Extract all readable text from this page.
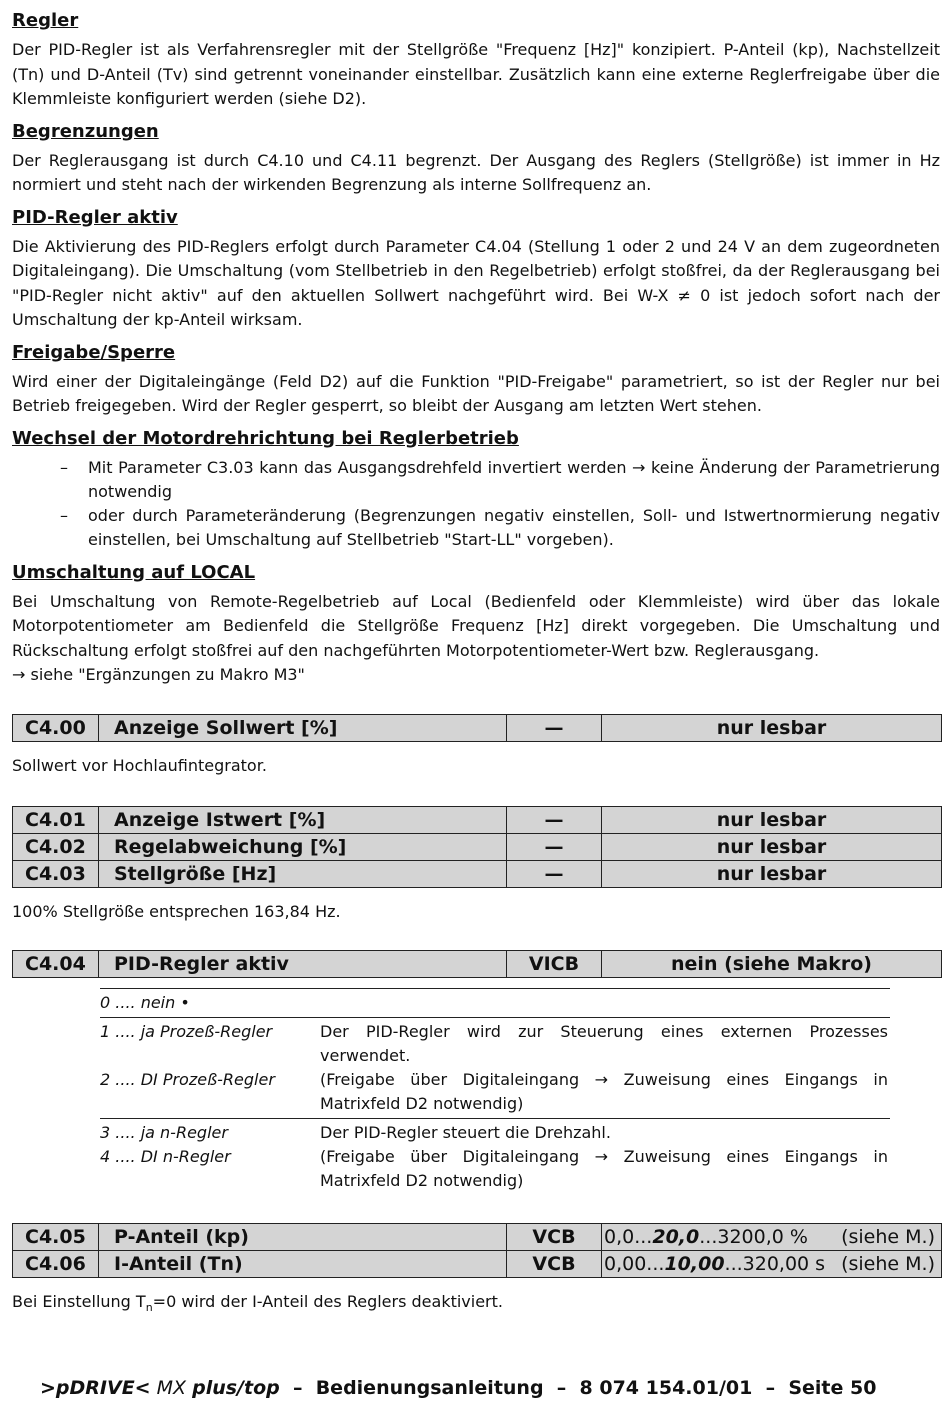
Regler
Der PID-Regler ist als Verfahrensregler mit der Stellgröße "Frequenz [Hz]" konzipiert. P-Anteil (kp), Nachstellzeit (Tn) und D-Anteil (Tv) sind getrennt voneinander einstellbar. Zusätzlich kann eine externe Reglerfreigabe über die Klemmleiste konfiguriert werden (siehe D2).
Begrenzungen
Der Reglerausgang ist durch C4.10 und C4.11 begrenzt. Der Ausgang des Reglers (Stellgröße) ist immer in Hz normiert und steht nach der wirkenden Begrenzung als interne Sollfrequenz an.
PID-Regler aktiv
Die Aktivierung des PID-Reglers erfolgt durch Parameter C4.04 (Stellung 1 oder 2 und 24 V an dem zugeordneten Digitaleingang). Die Umschaltung (vom Stellbetrieb in den Regelbetrieb) erfolgt stoßfrei, da der Reglerausgang bei "PID-Regler nicht aktiv" auf den aktuellen Sollwert nachgeführt wird. Bei W-X ≠ 0 ist jedoch sofort nach der Umschaltung der kp-Anteil wirksam.
Freigabe/Sperre
Wird einer der Digitaleingänge (Feld D2) auf die Funktion "PID-Freigabe" parametriert, so ist der Regler nur bei Betrieb freigegeben. Wird der Regler gesperrt, so bleibt der Ausgang am letzten Wert stehen.
Wechsel der Motordrehrichtung bei Reglerbetrieb
– Mit Parameter C3.03 kann das Ausgangsdrehfeld invertiert werden → keine Änderung der Parametrierung notwendig
– oder durch Parameteränderung (Begrenzungen negativ einstellen, Soll- und Istwertnormierung negativ einstellen, bei Umschaltung auf Stellbetrieb "Start-LL" vorgeben).
Umschaltung auf LOCAL
Bei Umschaltung von Remote-Regelbetrieb auf Local (Bedienfeld oder Klemmleiste) wird über das lokale Motorpotentiometer am Bedienfeld die Stellgröße Frequenz [Hz] direkt vorgegeben. Die Umschaltung und Rückschaltung erfolgt stoßfrei auf den nachgeführten Motorpotentiometer-Wert bzw. Reglerausgang.
→ siehe "Ergänzungen zu Makro M3"
C4.00	Anzeige Sollwert [%]	—	nur lesbar
Sollwert vor Hochlaufintegrator.
C4.01	Anzeige Istwert [%]	—	nur lesbar
C4.02	Regelabweichung [%]	—	nur lesbar
C4.03	Stellgröße [Hz]	—	nur lesbar
100% Stellgröße entsprechen 163,84 Hz.
C4.04	PID-Regler aktiv	VICB	nein (siehe Makro)
0 .... nein •
1 .... ja Prozeß-Regler	Der PID-Regler wird zur Steuerung eines externen Prozesses verwendet.
2 .... DI Prozeß-Regler	(Freigabe über Digitaleingang → Zuweisung eines Eingangs in Matrixfeld D2 notwendig)
3 .... ja n-Regler	Der PID-Regler steuert die Drehzahl.
4 .... DI n-Regler	(Freigabe über Digitaleingang → Zuweisung eines Eingangs in Matrixfeld D2 notwendig)
C4.05	P-Anteil (kp)	VCB	0,0...20,0...3200,0 % (siehe M.)

C4.06	I-Anteil (Tn)	VCB	0,00...10,00...320,00 s (siehe M.)
Bei Einstellung $T_n=0$ wird der I-Anteil des Reglers deaktiviert.
>pDRIVE< MX plus/top  –  Bedienungsanleitung  –  8 074 154.01/01  –  Seite 50
